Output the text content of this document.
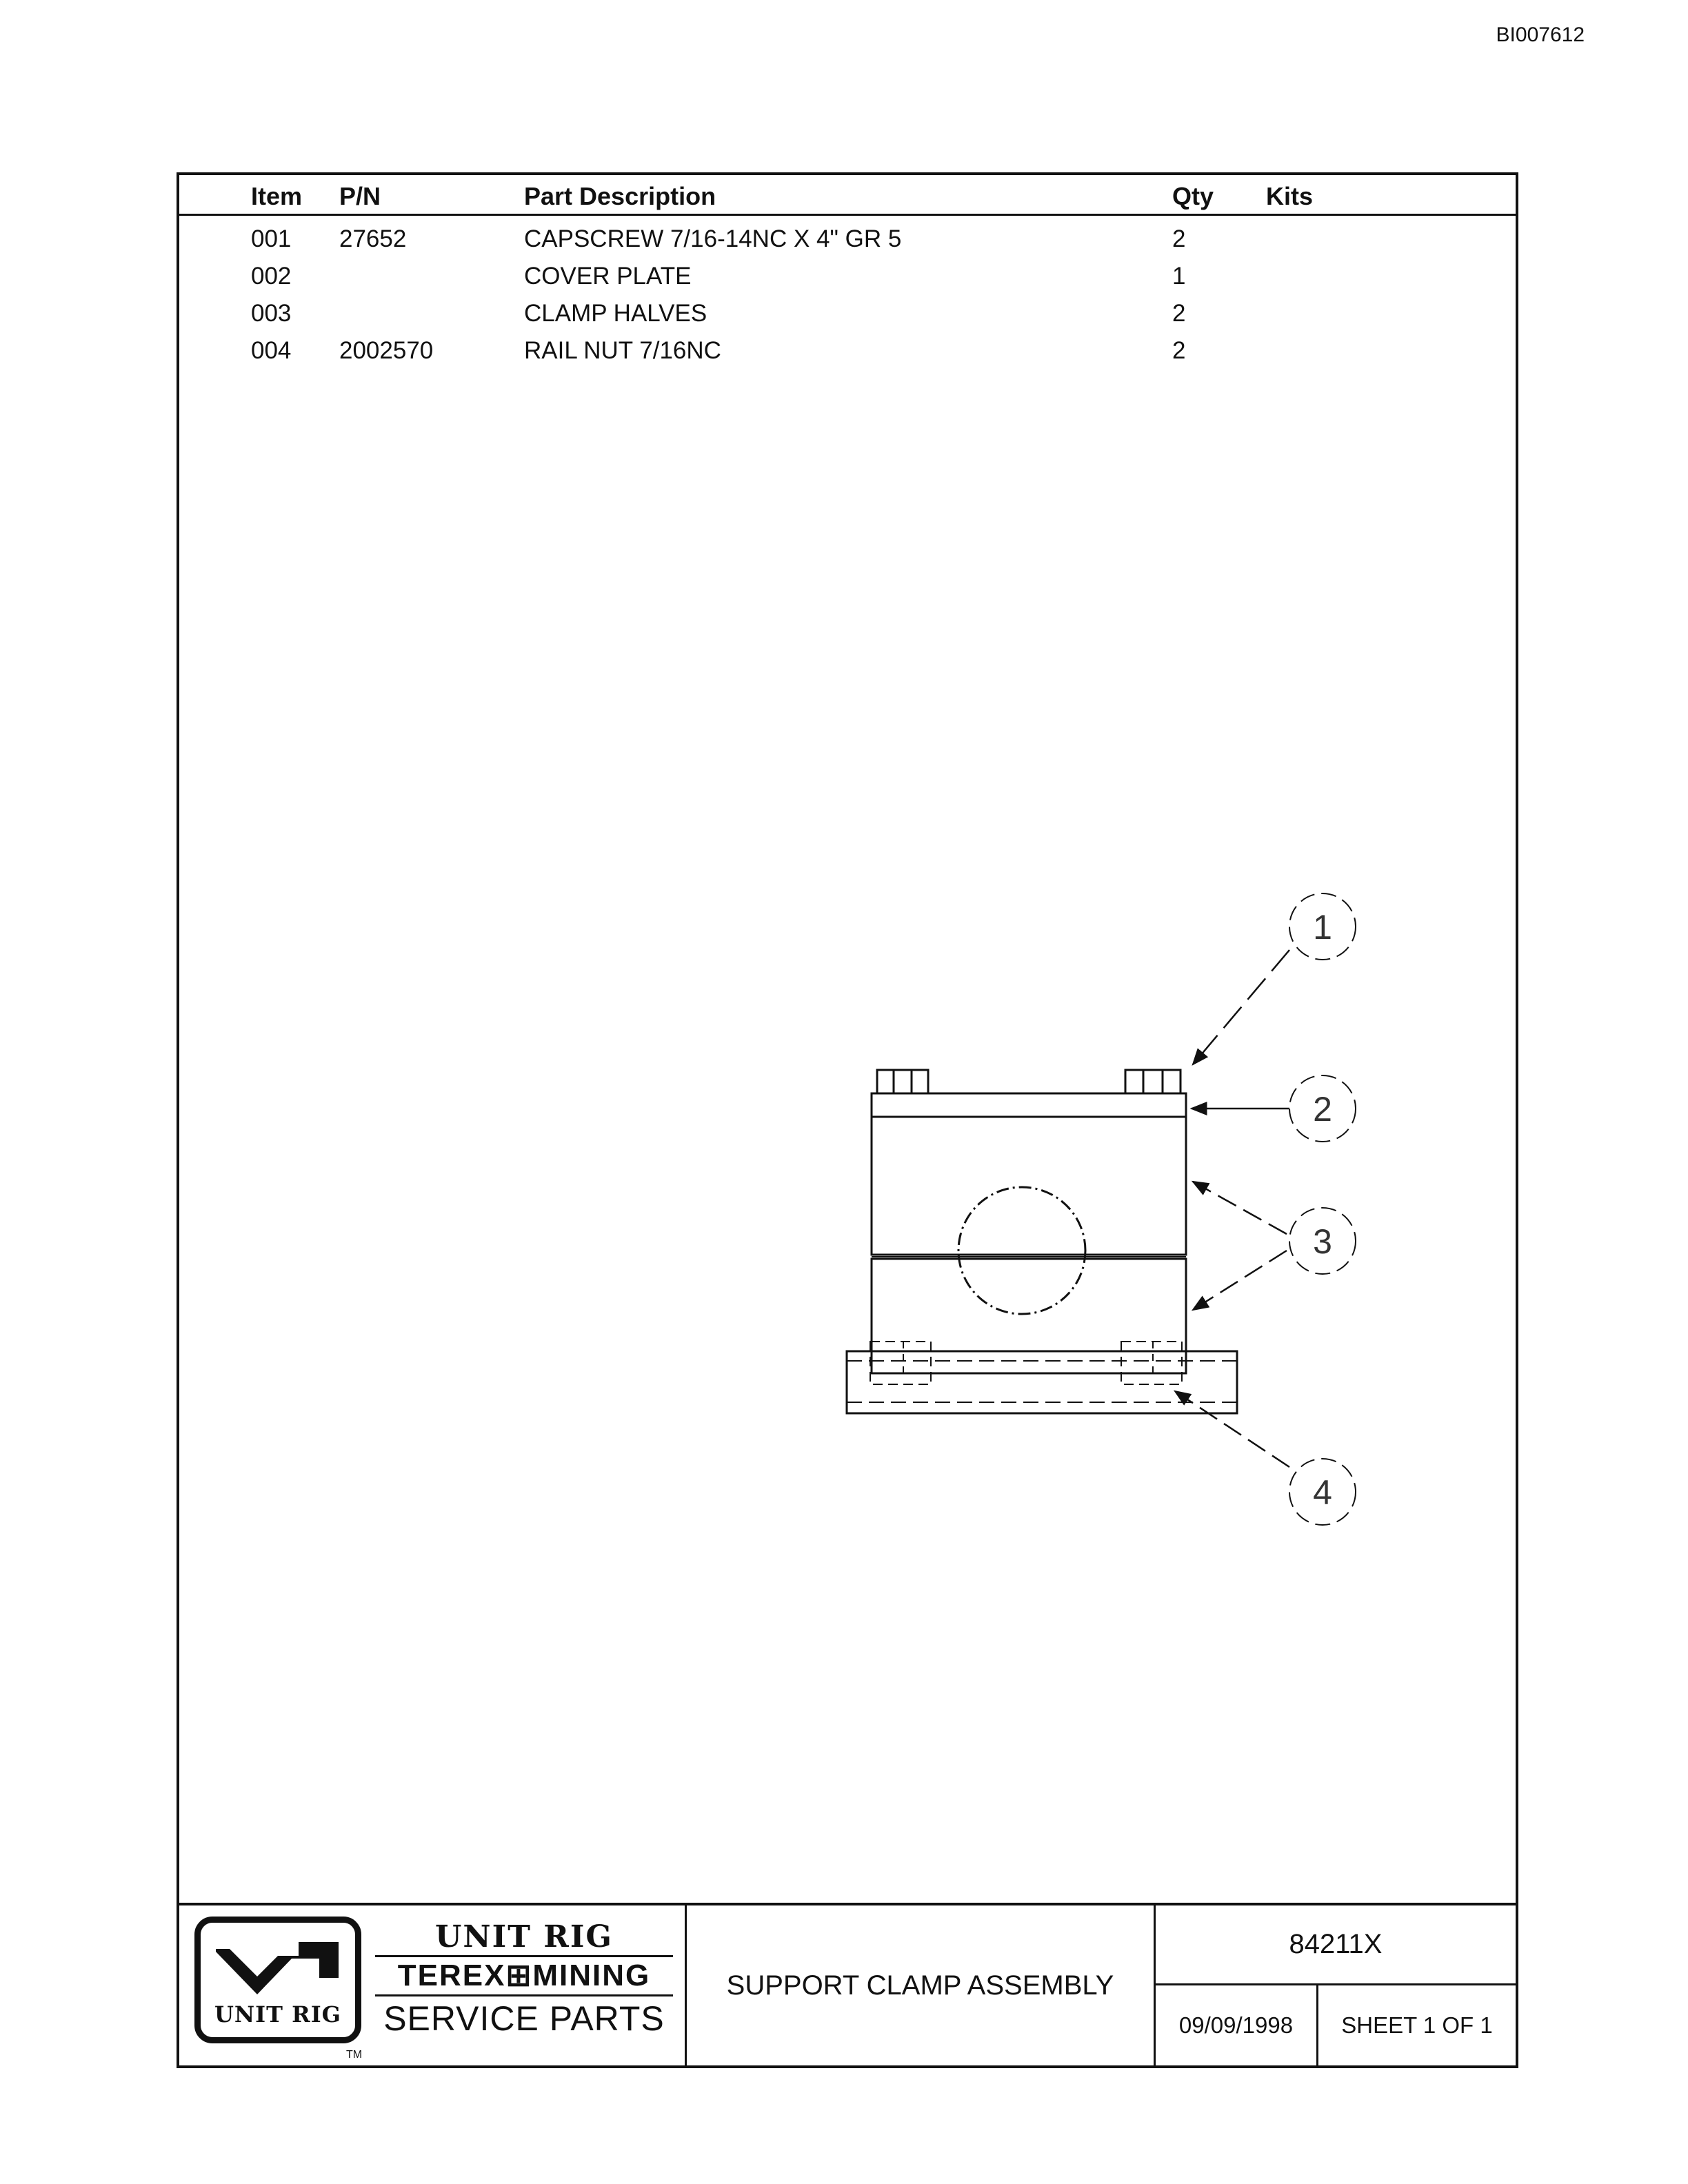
BI007612
Item	P/N	Part Description	Qty	Kits
001	27652	CAPSCREW 7/16-14NC X 4" GR 5	2	
002		COVER PLATE	1	
003		CLAMP HALVES	2	
004	2002570	RAIL NUT 7/16NC	2	
1
2
3
4
UNIT RIG
TM
UNIT RIG
TEREX⊞MINING
SERVICE PARTS
SUPPORT CLAMP ASSEMBLY
84211X
09/09/1998	SHEET 1 OF 1
